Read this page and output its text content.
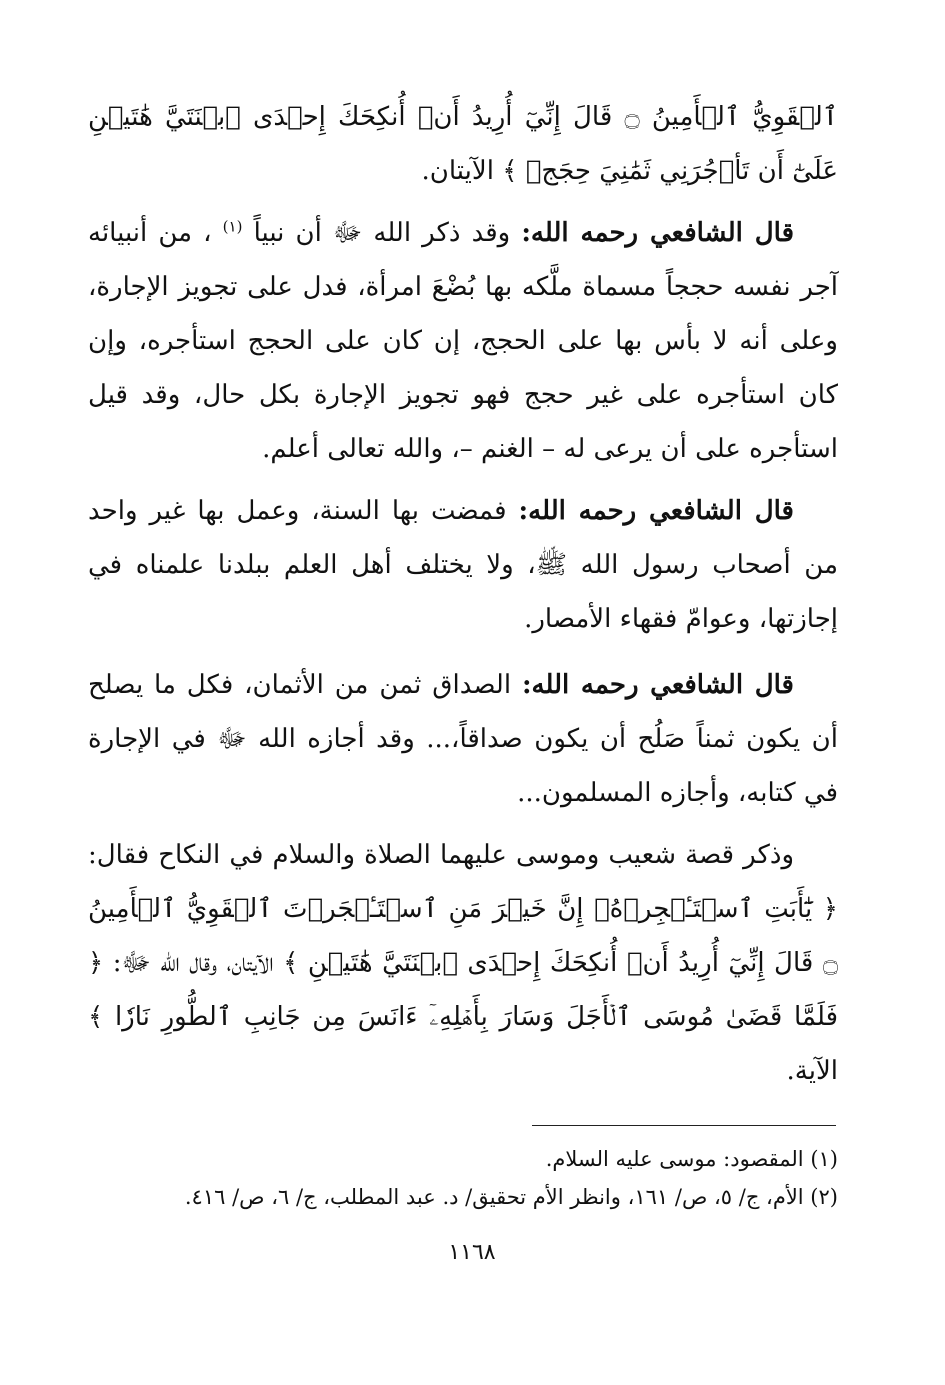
ٱلۡقَوِيُّ ٱلۡأَمِينُ ۝ قَالَ إِنِّيٓ أُرِيدُ أَنۡ أُنكِحَكَ إِحۡدَى ٱبۡنَتَيَّ هَٰتَيۡنِ عَلَىٰٓ أَن تَأۡجُرَنِي ثَمَٰنِيَ حِجَجٖ ﴾ الآيتان.

قال الشافعي رحمه الله: وقد ذكر الله ﷻ أن نبياً $^{(١)}$ ، من أنبيائه آجر نفسه حججاً مسماة ملَّكه بها بُضْعَ امرأة، فدل على تجويز الإجارة، وعلى أنه لا بأس بها على الحجج، إن كان على الحجج استأجره، وإن كان استأجره على غير حجج فهو تجويز الإجارة بكل حال، وقد قيل استأجره على أن يرعى له – الغنم –، والله تعالى أعلم.

قال الشافعي رحمه الله: فمضت بها السنة، وعمل بها غير واحد من أصحاب رسول الله ﷺ، ولا يختلف أهل العلم ببلدنا علمناه في إجازتها، وعوامّ فقهاء الأمصار.

قال الشافعي رحمه الله: الصداق ثمن من الأثمان، فكل ما يصلح أن يكون ثمناً صَلُح أن يكون صداقاً،... وقد أجازه الله ﷻ في الإجارة في كتابه، وأجازه المسلمون...

وذكر قصة شعيب وموسى عليهما الصلاة والسلام في النكاح فقال: ﴿ يَٰٓأَبَتِ ٱسۡتَـٔۡجِرۡهُۖ إِنَّ خَيۡرَ مَنِ ٱسۡتَـٔۡجَرۡتَ ٱلۡقَوِيُّ ٱلۡأَمِينُ ۝ قَالَ إِنِّيٓ أُرِيدُ أَنۡ أُنكِحَكَ إِحۡدَى ٱبۡنَتَيَّ هَٰتَيۡنِ ﴾ الآيتان، وقال الله ﷻ: ﴿ فَلَمَّا قَضَىٰ مُوسَى ٱلۡأَجَلَ وَسَارَ بِأَهۡلِهِۦٓ ءَانَسَ مِن جَانِبِ ٱلطُّورِ نَارٗا ﴾ الآية.

(١) المقصود: موسى عليه السلام.

(٢) الأم، ج/ ٥، ص/ ١٦١، وانظر الأم تحقيق/ د. عبد المطلب، ج/ ٦، ص/ ٤١٦.

١١٦٨
